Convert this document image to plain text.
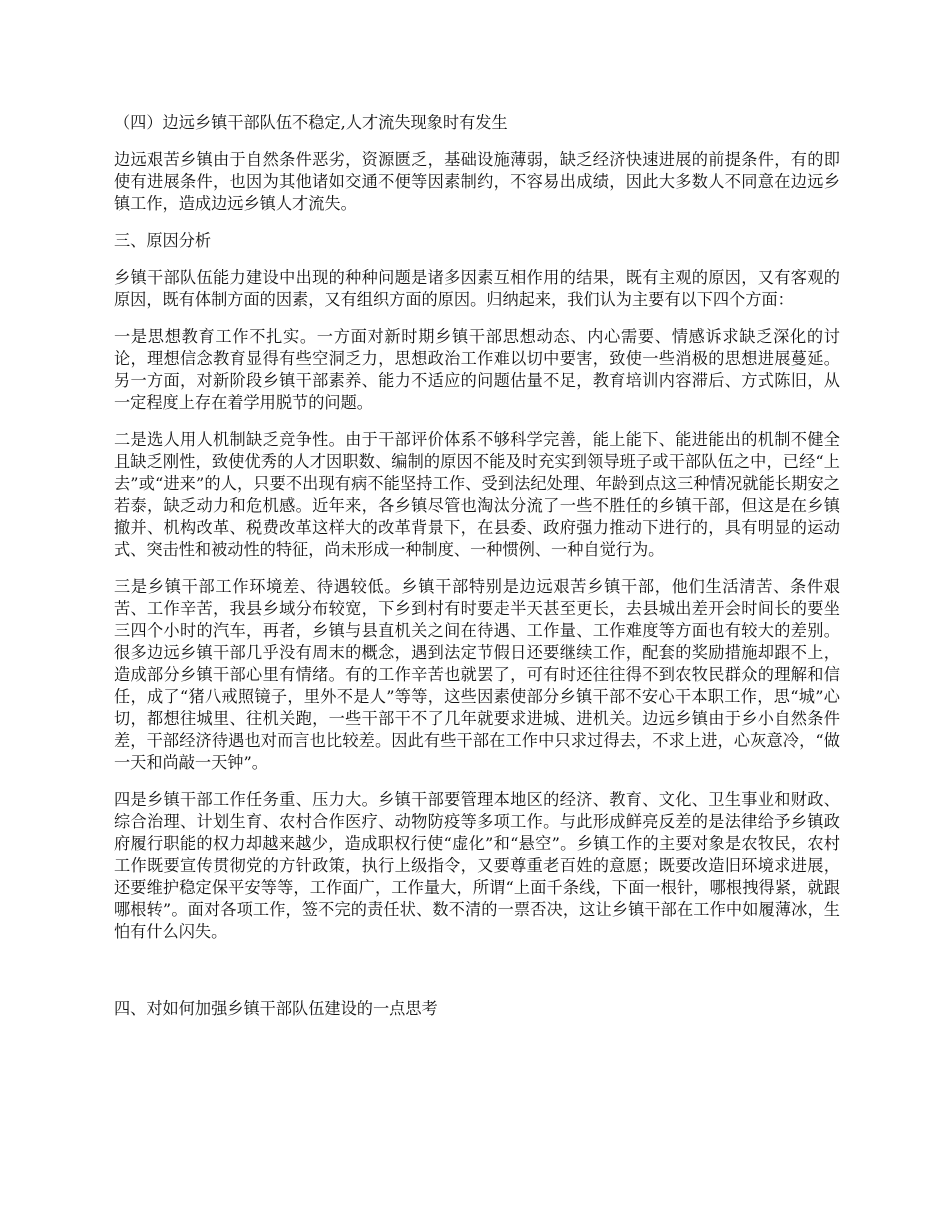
（四）边远乡镇干部队伍不稳定,人才流失现象时有发生

边远艰苦乡镇由于自然条件恶劣，资源匮乏，基础设施薄弱，缺乏经济快速进展的前提条件，有的即使有进展条件，也因为其他诸如交通不便等因素制约，不容易出成绩，因此大多数人不同意在边远乡镇工作，造成边远乡镇人才流失。

三、原因分析

乡镇干部队伍能力建设中出现的种种问题是诸多因素互相作用的结果，既有主观的原因，又有客观的原因，既有体制方面的因素，又有组织方面的原因。归纳起来，我们认为主要有以下四个方面：

一是思想教育工作不扎实。一方面对新时期乡镇干部思想动态、内心需要、情感诉求缺乏深化的讨论，理想信念教育显得有些空洞乏力，思想政治工作难以切中要害，致使一些消极的思想进展蔓延。另一方面，对新阶段乡镇干部素养、能力不适应的问题估量不足，教育培训内容滞后、方式陈旧，从一定程度上存在着学用脱节的问题。

二是选人用人机制缺乏竞争性。由于干部评价体系不够科学完善，能上能下、能进能出的机制不健全且缺乏刚性，致使优秀的人才因职数、编制的原因不能及时充实到领导班子或干部队伍之中，已经“上去”或“进来”的人，只要不出现有病不能坚持工作、受到法纪处理、年龄到点这三种情况就能长期安之若泰，缺乏动力和危机感。近年来，各乡镇尽管也淘汰分流了一些不胜任的乡镇干部，但这是在乡镇撤并、机构改革、税费改革这样大的改革背景下，在县委、政府强力推动下进行的，具有明显的运动式、突击性和被动性的特征，尚未形成一种制度、一种惯例、一种自觉行为。

三是乡镇干部工作环境差、待遇较低。乡镇干部特别是边远艰苦乡镇干部，他们生活清苦、条件艰苦、工作辛苦，我县乡域分布较宽，下乡到村有时要走半天甚至更长，去县城出差开会时间长的要坐三四个小时的汽车，再者，乡镇与县直机关之间在待遇、工作量、工作难度等方面也有较大的差别。很多边远乡镇干部几乎没有周末的概念，遇到法定节假日还要继续工作，配套的奖励措施却跟不上，造成部分乡镇干部心里有情绪。有的工作辛苦也就罢了，可有时还往往得不到农牧民群众的理解和信任，成了“猪八戒照镜子，里外不是人”等等，这些因素使部分乡镇干部不安心干本职工作，思“城”心切，都想往城里、往机关跑，一些干部干不了几年就要求进城、进机关。边远乡镇由于乡小自然条件差，干部经济待遇也对而言也比较差。因此有些干部在工作中只求过得去，不求上进，心灰意冷，“做一天和尚敲一天钟”。

四是乡镇干部工作任务重、压力大。乡镇干部要管理本地区的经济、教育、文化、卫生事业和财政、综合治理、计划生育、农村合作医疗、动物防疫等多项工作。与此形成鲜亮反差的是法律给予乡镇政府履行职能的权力却越来越少，造成职权行使“虚化”和“悬空”。乡镇工作的主要对象是农牧民，农村工作既要宣传贯彻党的方针政策，执行上级指令，又要尊重老百姓的意愿；既要改造旧环境求进展，还要维护稳定保平安等等，工作面广，工作量大，所谓“上面千条线，下面一根针，哪根拽得紧，就跟哪根转”。面对各项工作，签不完的责任状、数不清的一票否决，这让乡镇干部在工作中如履薄冰，生怕有什么闪失。

四、对如何加强乡镇干部队伍建设的一点思考
